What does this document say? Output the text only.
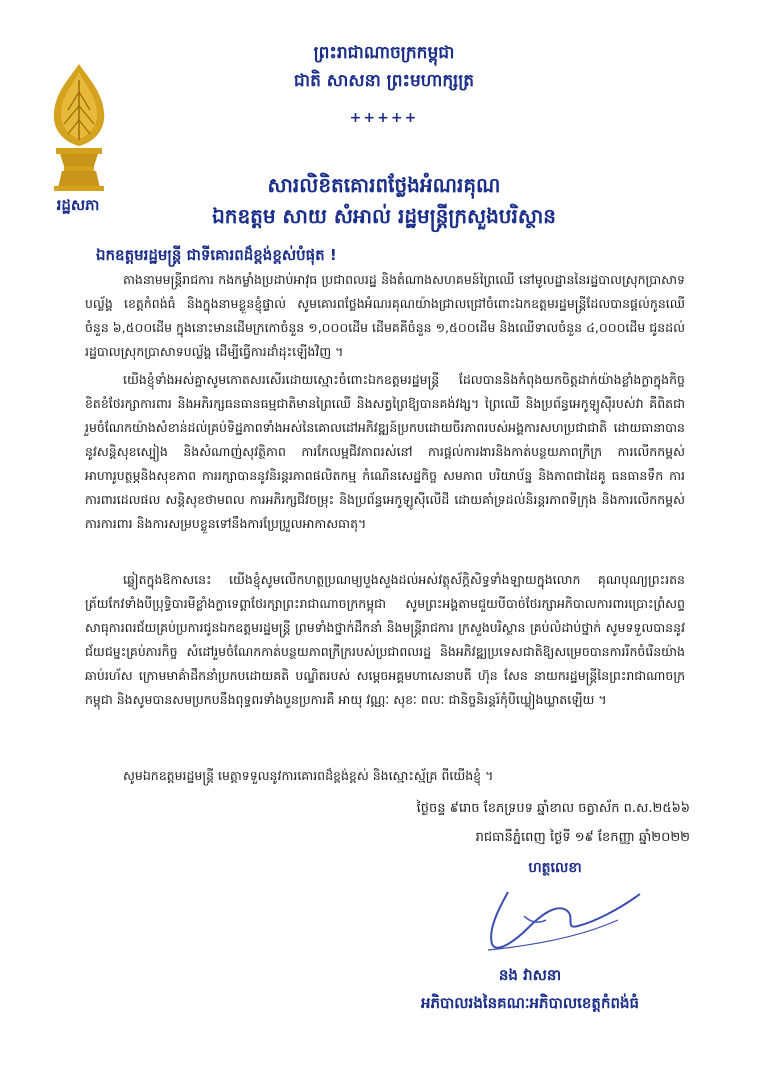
ព្រះរាជាណាចក្រកម្ពុជា
ជាតិ សាសនា ព្រះមហាក្សត្រ
+++++
រដ្ឋសភា
សារលិខិតគោរពថ្លែងអំណរគុណ
ឯកឧត្តម សាយ សំអាល់ រដ្ឋមន្ត្រីក្រសួងបរិស្ថាន
ឯកឧត្តមរដ្ឋមន្ត្រី ជាទីគោរពដ៏ខ្ពង់ខ្ពស់បំផុត !

តាងនាមមន្ត្រីរាជការ កងកម្លាំងប្រដាប់អាវុធ ប្រជាពលរដ្ឋ និងតំណាងសហគមន៍ព្រៃឈើ នៅមូលដ្ឋាននៃរដ្ឋបាលស្រុកប្រាសាទបល្ល័ង្គ ខេត្តកំពង់ធំ និងក្នុងនាមខ្លួនខ្ញុំផ្ទាល់ សូមគោរពថ្លែងអំណរគុណយ៉ាងជ្រាលជ្រៅចំពោះឯកឧត្តមរដ្ឋមន្ត្រីដែលបានផ្តល់កូនឈើចំនួន ៦,៥០០ដើម ក្នុងនោះមានដើមក្រកោចំនួន ១,០០០ដើម ដើមគគីចំនួន ១,៥០០ដើម និងឈើទាលចំនួន ៤,០០០ដើម ជូនដល់រដ្ឋបាលស្រុកប្រាសាទបល្ល័ង្គ ដើម្បីធ្វើការដាំដុះឡើងវិញ ។

យើងខ្ញុំទាំងអស់គ្នាសូមកោតសរសើរដោយស្មោះចំពោះឯកឧត្តមរដ្ឋមន្ត្រី ដែលបាននិងកំពុងយកចិត្តដាក់យ៉ាងខ្លាំងក្លាក្នុងកិច្ចខិតខំថែរក្សាការពារ និងអភិរក្សធនធានធម្មជាតិមានព្រៃឈើ និងសត្វព្រៃឱ្យបានគង់វង្ស។ ព្រៃឈើ និងប្រព័ន្ធអេកូឡូស៊ីរបស់វា គឺពិតជារួមចំណែកយ៉ាងសំខាន់ដល់គ្រប់ទិដ្ឋភាពទាំងអស់នៃគោលដៅអភិវឌ្ឍន៍ប្រកបដោយចីរភាពរបស់អង្គការសហប្រជាជាតិ ដោយធានាបាននូវសន្តិសុខស្បៀង និងសំណាញ់សុវត្ថិភាព ការកែលម្អជីវភាពរស់នៅ ការផ្តល់ការងារនិងកាត់បន្ថយភាពក្រីក្រ ការលើកកម្ពស់អាហារូបត្ថម្ភនិងសុខភាព ការរក្សាបាននូវនិរន្តរភាពផលិតកម្ម កំណើនសេដ្ឋកិច្ច សមភាព បរិយាប័ន្ន និងភាពជាដៃគូ ធនធានទឹក ការការពារដេលផល សន្តិសុខថាមពល ការអភិរក្សជីវចម្រុះ និងប្រព័ន្ធអេកូឡូស៊ីលើដី ដោយគាំទ្រដល់និរន្តរភាពទីក្រុង និងការលើកកម្ពស់ការការពារ និងការសម្របខ្លួនទៅនឹងការប្រែប្រួលអាកាសធាតុ។

ឆ្លៀតក្នុងឱកាសនេះ យើងខ្ញុំសូមលើកហត្ថប្រណម្យបួងសួងដល់អស់វត្ថុស័ក្តិសិទ្ធទាំងឡាយក្នុងលោក គុណបុណ្យព្រះរតនត្រ័យកែវទាំងបីប្រុទ្ធិបារមីខ្លាំងក្លាទេព្តាថែរក្សាព្រះរាជាណាចក្រកម្ពុជា សូមព្រះអង្គតាមជួយបីបាច់ថែរក្សាអភិបាលការពារប្រោះព្រំសព្ទសាធុការពរជ័យគ្រប់ប្រការជូនឯកឧត្តមរដ្ឋមន្ត្រី ព្រមទាំងថ្នាក់ដឹកនាំ និងមន្ត្រីរាជការ ក្រសួងបរិស្ថាន គ្រប់លំដាប់ថ្នាក់ សូមទទួលបាននូវជ័យជម្នះគ្រប់ភារកិច្ច សំដៅរួមចំណែកកាត់បន្ថយភាពក្រីក្ររបស់ប្រជាពលរដ្ឋ និងអភិវឌ្ឍប្រទេសជាតិឱ្យសម្រេចបានការរីកចំរើនយ៉ាងឆាប់រហ័ស ក្រោមមាគ៌ាដឹកនាំប្រកបដោយគតិ បណ្ឌិតរបស់ សម្តេចអគ្គមហាសេនាបតី ហ៊ុន សែន នាយករដ្ឋមន្ត្រីនៃព្រះរាជាណាចក្រកម្ពុជា និងសូមបានសមប្រកបនឹងពុទ្ធពរទាំងបួនប្រការគឺ អាយុ វណ្ណៈ សុខៈ ពលៈ ជានិច្ចនិរន្តរ៍កុំបីឃ្លៀងឃ្លាតឡើយ ។

សូមឯកឧត្តមរដ្ឋមន្ត្រី មេត្តាទទួលនូវការគោរពដ៏ខ្ពង់ខ្ពស់ និងស្មោះស្ម័គ្រ ពីយើងខ្ញុំ ។

ថ្ងៃចន្ទ ៩រោច ខែភទ្របទ ឆ្នាំខាល ចត្វាស័ក ព.ស.២៥៦៦
រាជធានីភ្នំពេញ ថ្ងៃទី ១៩ ខែកញ្ញា ឆ្នាំ២០២២
ហត្ថលេខា
នង វាសនា
អភិបាលរងនៃគណៈអភិបាលខេត្តកំពង់ធំ
